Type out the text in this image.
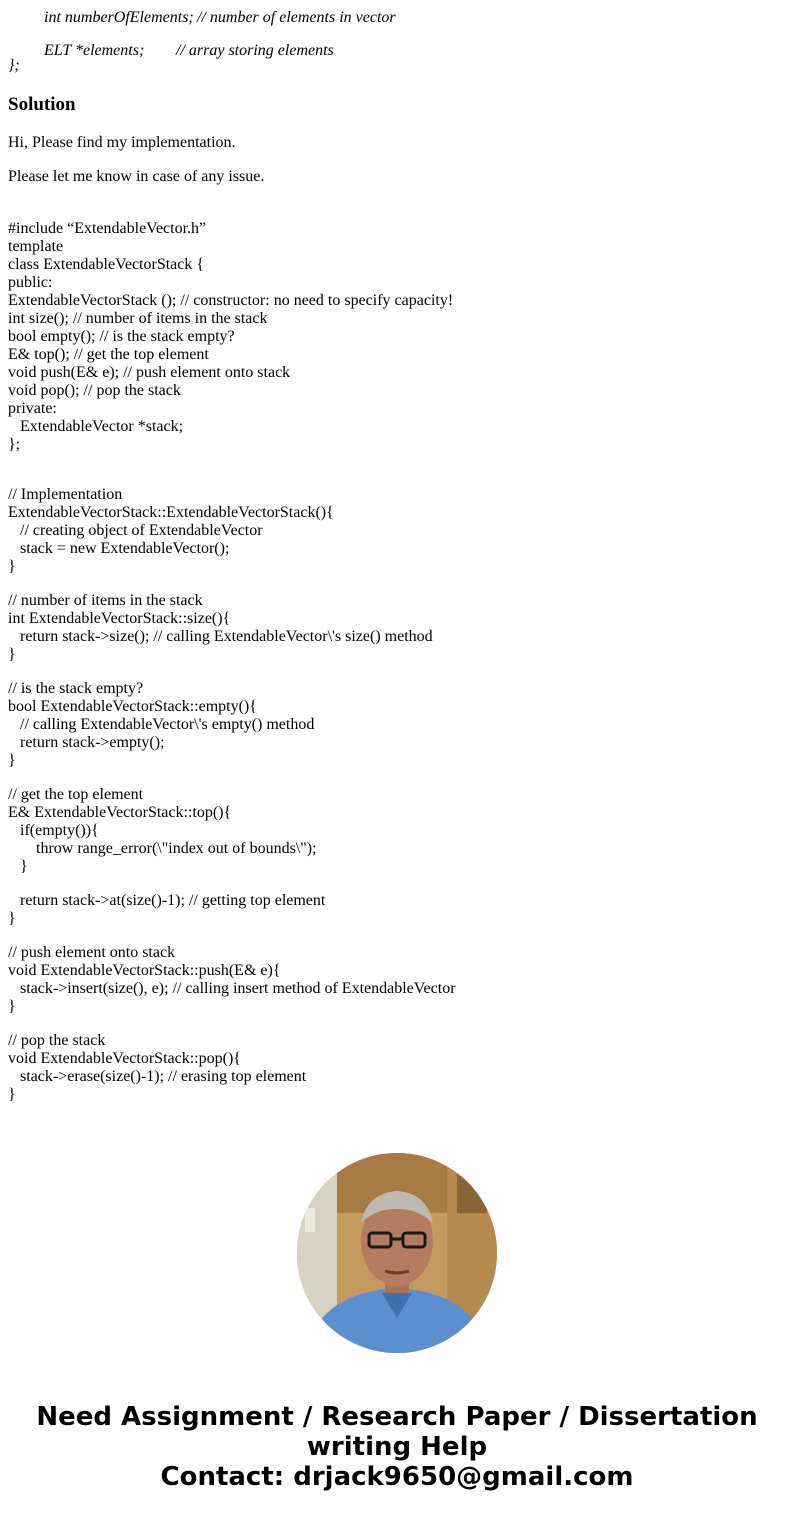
int numberOfElements; // number of elements in vector

ELT *elements; // array storing elements

};
Solution

Hi, Please find my implementation.

Please let me know in case of any issue.

#include “ExtendableVector.h”
template
class ExtendableVectorStack {
public:
ExtendableVectorStack (); // constructor: no need to specify capacity!
int size(); // number of items in the stack
bool empty(); // is the stack empty?
E& top(); // get the top element
void push(E& e); // push element onto stack
void pop(); // pop the stack
private:
ExtendableVector *stack;
};
// Implementation
ExtendableVectorStack::ExtendableVectorStack(){
// creating object of ExtendableVector
stack = new ExtendableVector();
}
// number of items in the stack
int ExtendableVectorStack::size(){
return stack->size(); // calling ExtendableVector\'s size() method
}
// is the stack empty?
bool ExtendableVectorStack::empty(){
// calling ExtendableVector\'s empty() method
return stack->empty();
}
// get the top element
E& ExtendableVectorStack::top(){
if(empty()){
throw range_error(\"index out of bounds\");
}
return stack->at(size()-1); // getting top element
}
// push element onto stack
void ExtendableVectorStack::push(E& e){
stack->insert(size(), e); // calling insert method of ExtendableVector
}
// pop the stack
void ExtendableVectorStack::pop(){
stack->erase(size()-1); // erasing top element
}
Need Assignment / Research Paper / Dissertation
writing Help
Contact: drjack9650@gmail.com
